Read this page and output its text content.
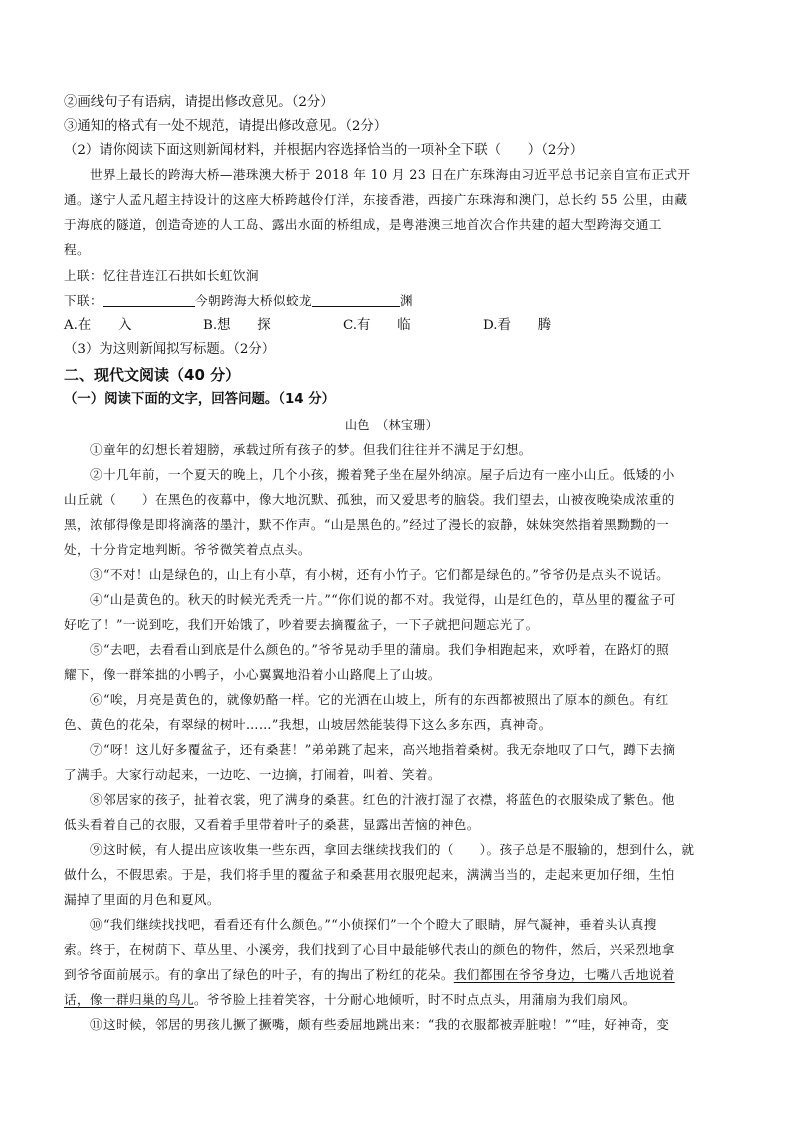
②画线句子有语病，请提出修改意见。（2分）
③通知的格式有一处不规范，请提出修改意见。（2分）
（2）请你阅读下面这则新闻材料，并根据内容选择恰当的一项补全下联（　　）（2分）
世界上最长的跨海大桥—港珠澳大桥于 2018 年 10 月 23 日在广东珠海由习近平总书记亲自宣布正式开
通。遂宁人孟凡超主持设计的这座大桥跨越伶仃洋，东接香港，西接广东珠海和澳门，总长约 55 公里，由藏
于海底的隧道，创造奇迹的人工岛、露出水面的桥组成，是粤港澳三地首次合作共建的超大型跨海交通工
程。
上联：忆往昔连江石拱如长虹饮涧
下联：	今朝跨海大桥似蛟龙	渊
A.在　　入	B.想　　探	C.有　　临	D.看　　腾
（3）为这则新闻拟写标题。（2分）
二、现代文阅读（40 分）
（一）阅读下面的文字，回答问题。（14 分）
山色　（林宝珊）
①童年的幻想长着翅膀，承载过所有孩子的梦。但我们往往并不满足于幻想。
②十几年前，一个夏天的晚上，几个小孩，搬着凳子坐在屋外纳凉。屋子后边有一座小山丘。低矮的小
山丘就（　　）在黑色的夜幕中，像大地沉默、孤独，而又爱思考的脑袋。我们望去，山被夜晚染成浓重的
黑，浓郁得像是即将滴落的墨汁，默不作声。“山是黑色的。”经过了漫长的寂静，妹妹突然指着黑黝黝的一
处，十分肯定地判断。爷爷微笑着点点头。
③“不对！山是绿色的，山上有小草，有小树，还有小竹子。它们都是绿色的。”爷爷仍是点头不说话。
④“山是黄色的。秋天的时候光秃秃一片。”“你们说的都不对。我觉得，山是红色的，草丛里的覆盆子可
好吃了！”一说到吃，我们开始饿了，吵着要去摘覆盆子，一下子就把问题忘光了。
⑤“去吧，去看看山到底是什么颜色的。”爷爷晃动手里的蒲扇。我们争相跑起来，欢呼着，在路灯的照
耀下，像一群笨拙的小鸭子，小心翼翼地沿着小山路爬上了山坡。
⑥“唉，月亮是黄色的，就像奶酪一样。它的光洒在山坡上，所有的东西都被照出了原本的颜色。有红
色、黄色的花朵，有翠绿的树叶……”我想，山坡居然能装得下这么多东西，真神奇。
⑦“呀！这儿好多覆盆子，还有桑葚！”弟弟跳了起来，高兴地指着桑树。我无奈地叹了口气，蹲下去摘
了满手。大家行动起来，一边吃、一边摘，打闹着，叫着、笑着。
⑧邻居家的孩子，扯着衣裳，兜了满身的桑葚。红色的汁液打湿了衣襟，将蓝色的衣服染成了紫色。他
低头看着自己的衣服，又看着手里带着叶子的桑葚，显露出苦恼的神色。
⑨这时候，有人提出应该收集一些东西，拿回去继续找我们的（　　）。孩子总是不服输的，想到什么，就
做什么，不假思索。于是，我们将手里的覆盆子和桑葚用衣服兜起来，满满当当的，走起来更加仔细，生怕
漏掉了里面的月色和夏风。
⑩“我们继续找找吧，看看还有什么颜色。”“小侦探们”一个个瞪大了眼睛，屏气凝神，垂着头认真搜
索。终于，在树荫下、草丛里、小溪旁，我们找到了心目中最能够代表山的颜色的物件，然后，兴采烈地拿
到爷爷面前展示。有的拿出了绿色的叶子，有的掏出了粉红的花朵。我们都围在爷爷身边，七嘴八舌地说着
话，像一群归巢的鸟儿。爷爷脸上挂着笑容，十分耐心地倾听，时不时点点头，用蒲扇为我们扇风。
⑪这时候，邻居的男孩儿撅了撅嘴，颇有些委屈地跳出来：“我的衣服都被弄脏啦！”“哇，好神奇，变
